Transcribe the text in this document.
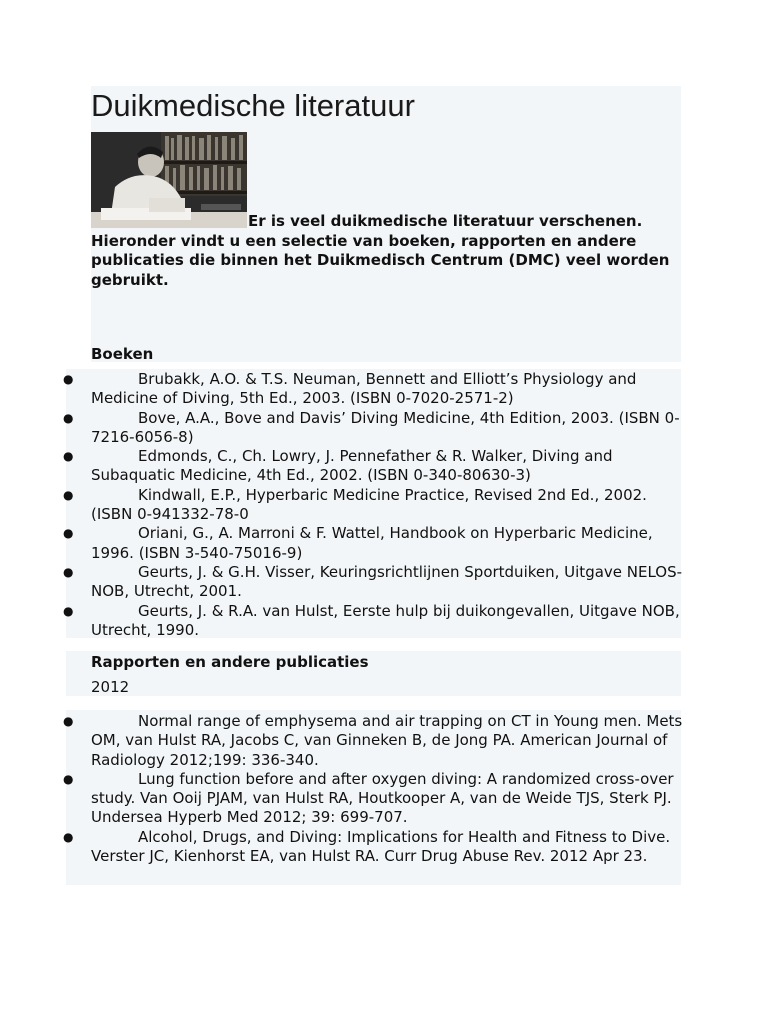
Duikmedische literatuur

Er is veel duikmedische literatuur verschenen. Hieronder vindt u een selectie van boeken, rapporten en andere publicaties die binnen het Duikmedisch Centrum (DMC) veel worden gebruikt.

Boeken
●	Brubakk, A.O. & T.S. Neuman, Bennett and Elliott’s Physiology and Medicine of Diving, 5th Ed., 2003. (ISBN 0-7020-2571-2)
●	Bove, A.A., Bove and Davis’ Diving Medicine, 4th Edition, 2003. (ISBN 0-7216-6056-8)
●	Edmonds, C., Ch. Lowry, J. Pennefather & R. Walker, Diving and Subaquatic Medicine, 4th Ed., 2002. (ISBN 0-340-80630-3)
●	Kindwall, E.P., Hyperbaric Medicine Practice, Revised 2nd Ed., 2002. (ISBN 0-941332-78-0
●	Oriani, G., A. Marroni & F. Wattel, Handbook on Hyperbaric Medicine, 1996. (ISBN 3-540-75016-9)
●	Geurts, J. & G.H. Visser, Keuringsrichtlijnen Sportduiken, Uitgave NELOS-NOB, Utrecht, 2001.
●	Geurts, J. & R.A. van Hulst, Eerste hulp bij duikongevallen, Uitgave NOB, Utrecht, 1990.
Rapporten en andere publicaties

2012

●	Normal range of emphysema and air trapping on CT in Young men. Mets OM, van Hulst RA, Jacobs C, van Ginneken B, de Jong PA. American Journal of Radiology 2012;199: 336-340.
●	Lung function before and after oxygen diving: A randomized cross-over study. Van Ooij PJAM, van Hulst RA, Houtkooper A, van de Weide TJS, Sterk PJ. Undersea Hyperb Med 2012; 39: 699-707.
●	Alcohol, Drugs, and Diving: Implications for Health and Fitness to Dive. Verster JC, Kienhorst EA, van Hulst RA. Curr Drug Abuse Rev. 2012 Apr 23.
